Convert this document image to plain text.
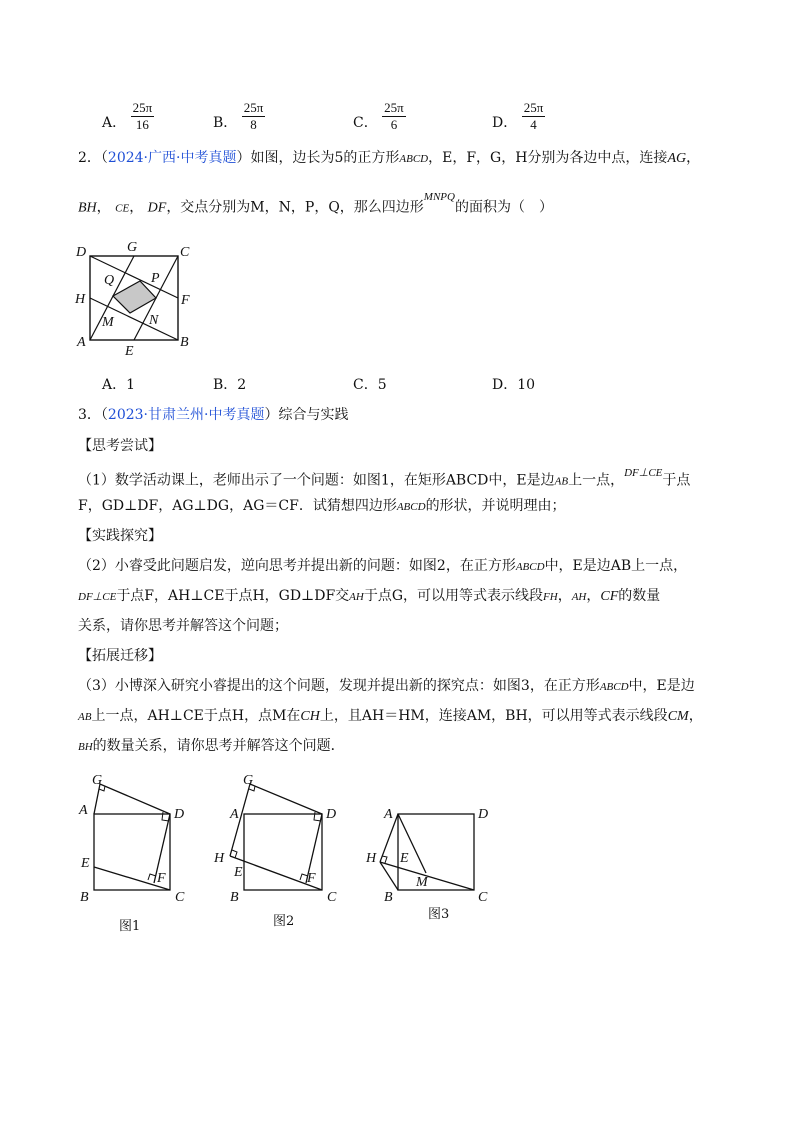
A． $\frac{25\pi}{16}$	B． $\frac{25\pi}{8}$	C． $\frac{25\pi}{6}$	D． $\frac{25\pi}{4}$
2．（2024·广西·中考真题）如图，边长为5的正方形ABCD，E，F，G，H分别为各边中点，连接AG，
BH， CE， DF，交点分别为M，N，P，Q，那么四边形$^{MNPQ}$的面积为（　）
D	G	C
Q	P
H	F
M	N
A
E
B
A．1	B．2	C．5	D．10
3．（2023·甘肃兰州·中考真题）综合与实践
【思考尝试】
（1）数学活动课上，老师出示了一个问题：如图1，在矩形ABCD中，E是边AB上一点，$^{DF\perp CE}$于点
F，GD⊥DF，AG⊥DG，AG＝CF．试猜想四边形ABCD的形状，并说明理由；
【实践探究】
（2）小睿受此问题启发，逆向思考并提出新的问题：如图2，在正方形ABCD中，E是边AB上一点，
DF⊥CE于点F，AH⊥CE于点H，GD⊥DF交AH于点G，可以用等式表示线段FH，AH，CF的数量
关系，请你思考并解答这个问题；
【拓展迁移】
（3）小博深入研究小睿提出的这个问题，发现并提出新的探究点：如图3，在正方形ABCD中，E是边
AB上一点，AH⊥CE于点H，点M在CH上，且AH＝HM，连接AM，BH，可以用等式表示线段CM，
BH的数量关系，请你思考并解答这个问题．
G
A	D
E
F
B	C
图1
G
A	D
H
E	F
B	C
图2
A	D
H E
M
B	C
图3
